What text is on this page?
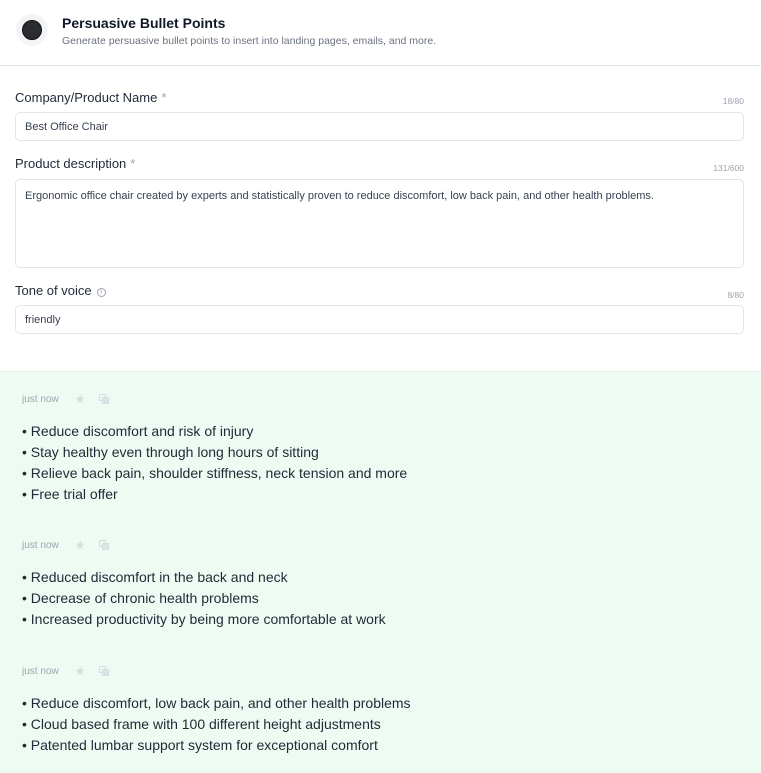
Persuasive Bullet Points
Generate persuasive bullet points to insert into landing pages, emails, and more.
Company/Product Name *	18/80
Best Office Chair
Product description *	131/600
Ergonomic office chair created by experts and statistically proven to reduce discomfort, low back pain, and other health problems.
Tone of voice i	8/80
friendly
just now ★
• Reduce discomfort and risk of injury
• Stay healthy even through long hours of sitting
• Relieve back pain, shoulder stiffness, neck tension and more
• Free trial offer
just now ★
• Reduced discomfort in the back and neck
• Decrease of chronic health problems
• Increased productivity by being more comfortable at work
just now ★
• Reduce discomfort, low back pain, and other health problems
• Cloud based frame with 100 different height adjustments
• Patented lumbar support system for exceptional comfort
